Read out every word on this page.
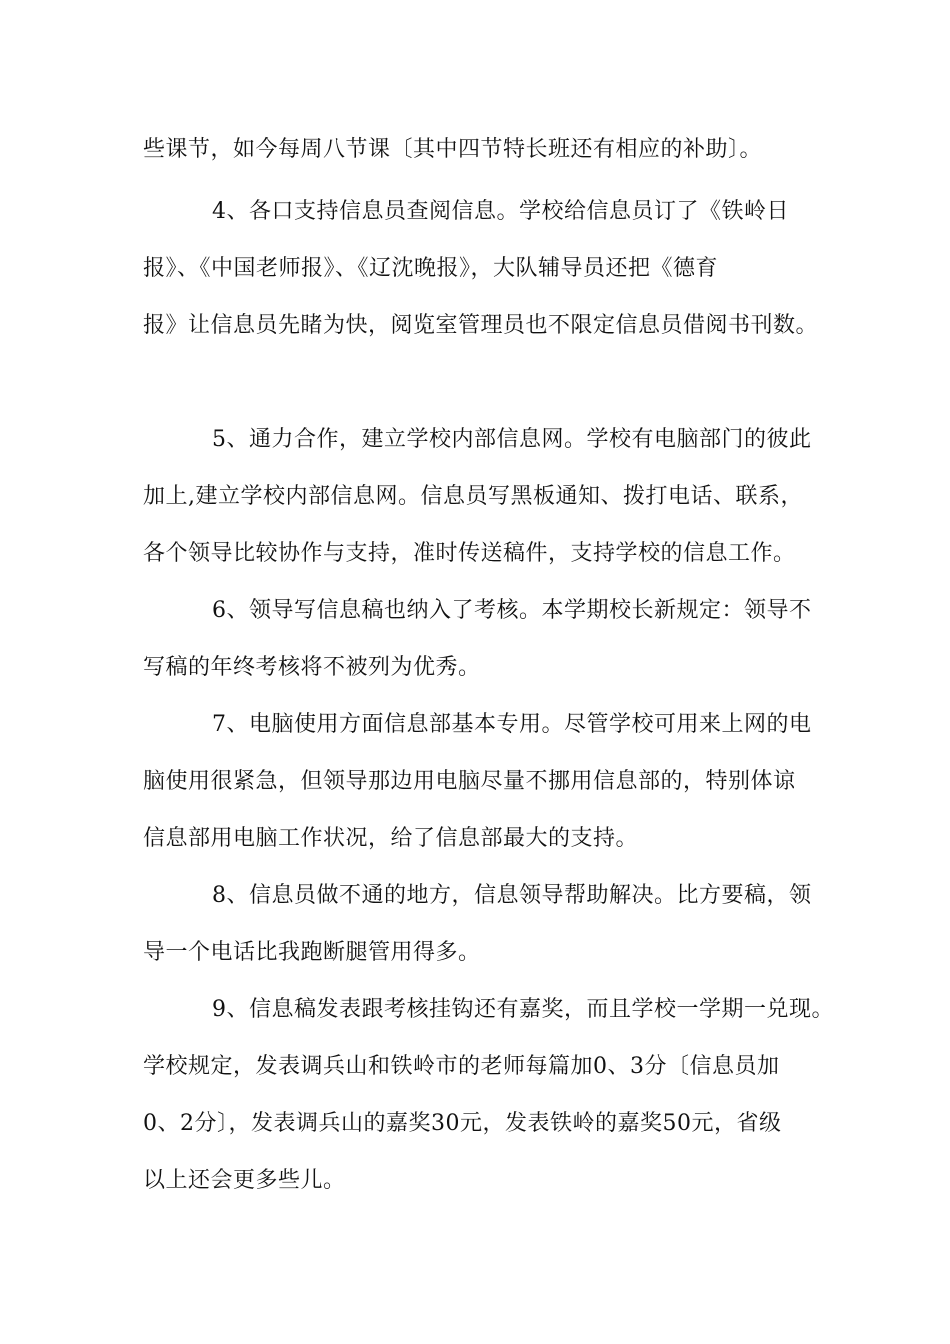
些课节，如今每周八节课〔其中四节特长班还有相应的补助〕。
4、各口支持信息员查阅信息。学校给信息员订了《铁岭日
报》、《中国老师报》、《辽沈晚报》，大队辅导员还把《德育
报》让信息员先睹为快，阅览室管理员也不限定信息员借阅书刊数。
5、通力合作，建立学校内部信息网。学校有电脑部门的彼此
加上,建立学校内部信息网。信息员写黑板通知、拨打电话、联系，
各个领导比较协作与支持，准时传送稿件，支持学校的信息工作。
6、领导写信息稿也纳入了考核。本学期校长新规定：领导不
写稿的年终考核将不被列为优秀。
7、电脑使用方面信息部基本专用。尽管学校可用来上网的电
脑使用很紧急，但领导那边用电脑尽量不挪用信息部的，特别体谅
信息部用电脑工作状况，给了信息部最大的支持。
8、信息员做不通的地方，信息领导帮助解决。比方要稿，领
导一个电话比我跑断腿管用得多。
9、信息稿发表跟考核挂钩还有嘉奖，而且学校一学期一兑现。
学校规定，发表调兵山和铁岭市的老师每篇加0、3分〔信息员加
0、2分〕，发表调兵山的嘉奖30元，发表铁岭的嘉奖50元，省级
以上还会更多些儿。
